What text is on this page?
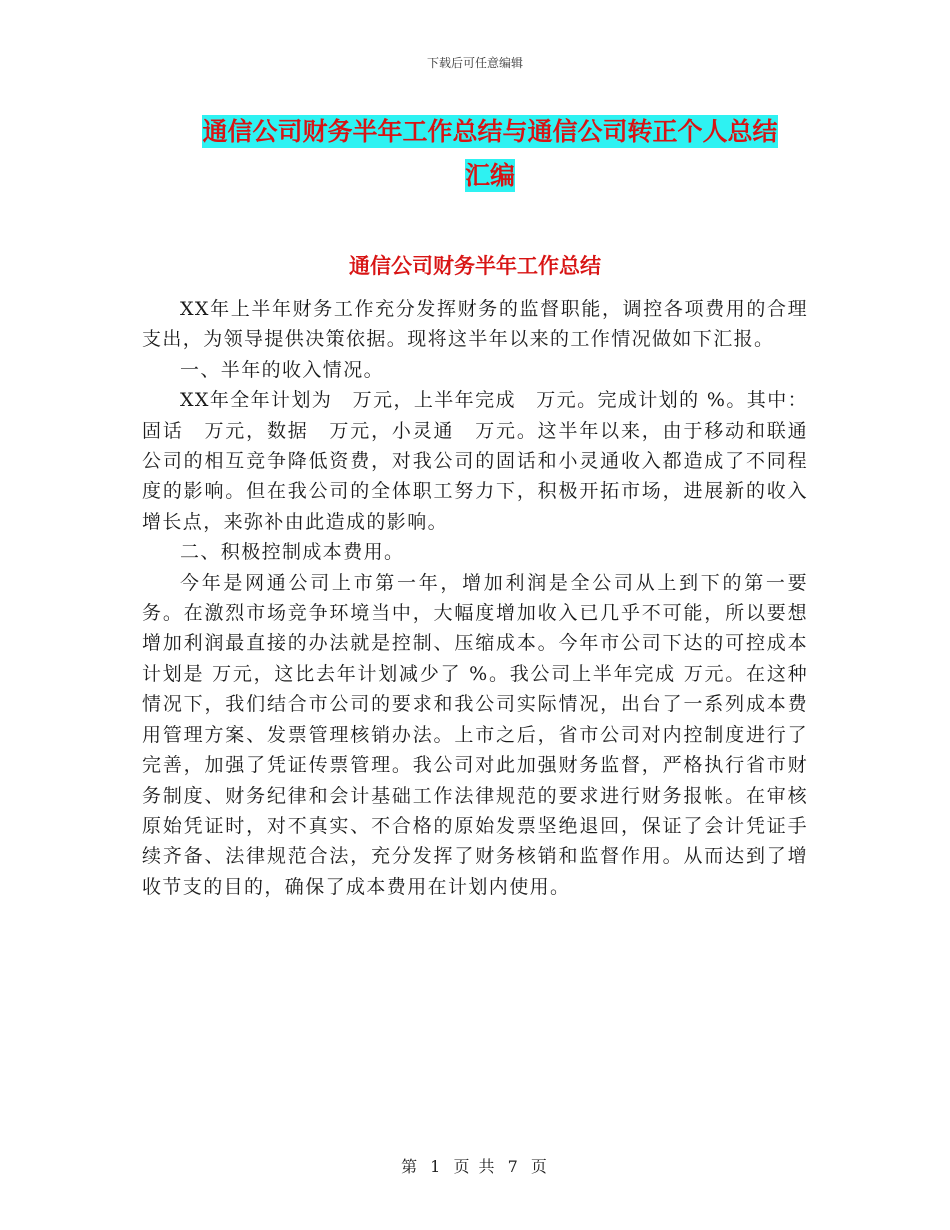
下载后可任意编辑
通信公司财务半年工作总结与通信公司转正个人总结
汇编
通信公司财务半年工作总结

XX年上半年财务工作充分发挥财务的监督职能，调控各项费用的合理支出，为领导提供决策依据。现将这半年以来的工作情况做如下汇报。

一、半年的收入情况。

XX年全年计划为　万元，上半年完成　万元。完成计划的 %。其中：固话　万元，数据　万元，小灵通　万元。这半年以来，由于移动和联通公司的相互竞争降低资费，对我公司的固话和小灵通收入都造成了不同程度的影响。但在我公司的全体职工努力下，积极开拓市场，进展新的收入增长点，来弥补由此造成的影响。

二、积极控制成本费用。

今年是网通公司上市第一年，增加利润是全公司从上到下的第一要务。在激烈市场竞争环境当中，大幅度增加收入已几乎不可能，所以要想增加利润最直接的办法就是控制、压缩成本。今年市公司下达的可控成本计划是 万元，这比去年计划减少了 %。我公司上半年完成 万元。在这种情况下，我们结合市公司的要求和我公司实际情况，出台了一系列成本费用管理方案、发票管理核销办法。上市之后，省市公司对内控制度进行了完善，加强了凭证传票管理。我公司对此加强财务监督，严格执行省市财务制度、财务纪律和会计基础工作法律规范的要求进行财务报帐。在审核原始凭证时，对不真实、不合格的原始发票坚绝退回，保证了会计凭证手续齐备、法律规范合法，充分发挥了财务核销和监督作用。从而达到了增收节支的目的，确保了成本费用在计划内使用。

第 1 页 共 7 页
